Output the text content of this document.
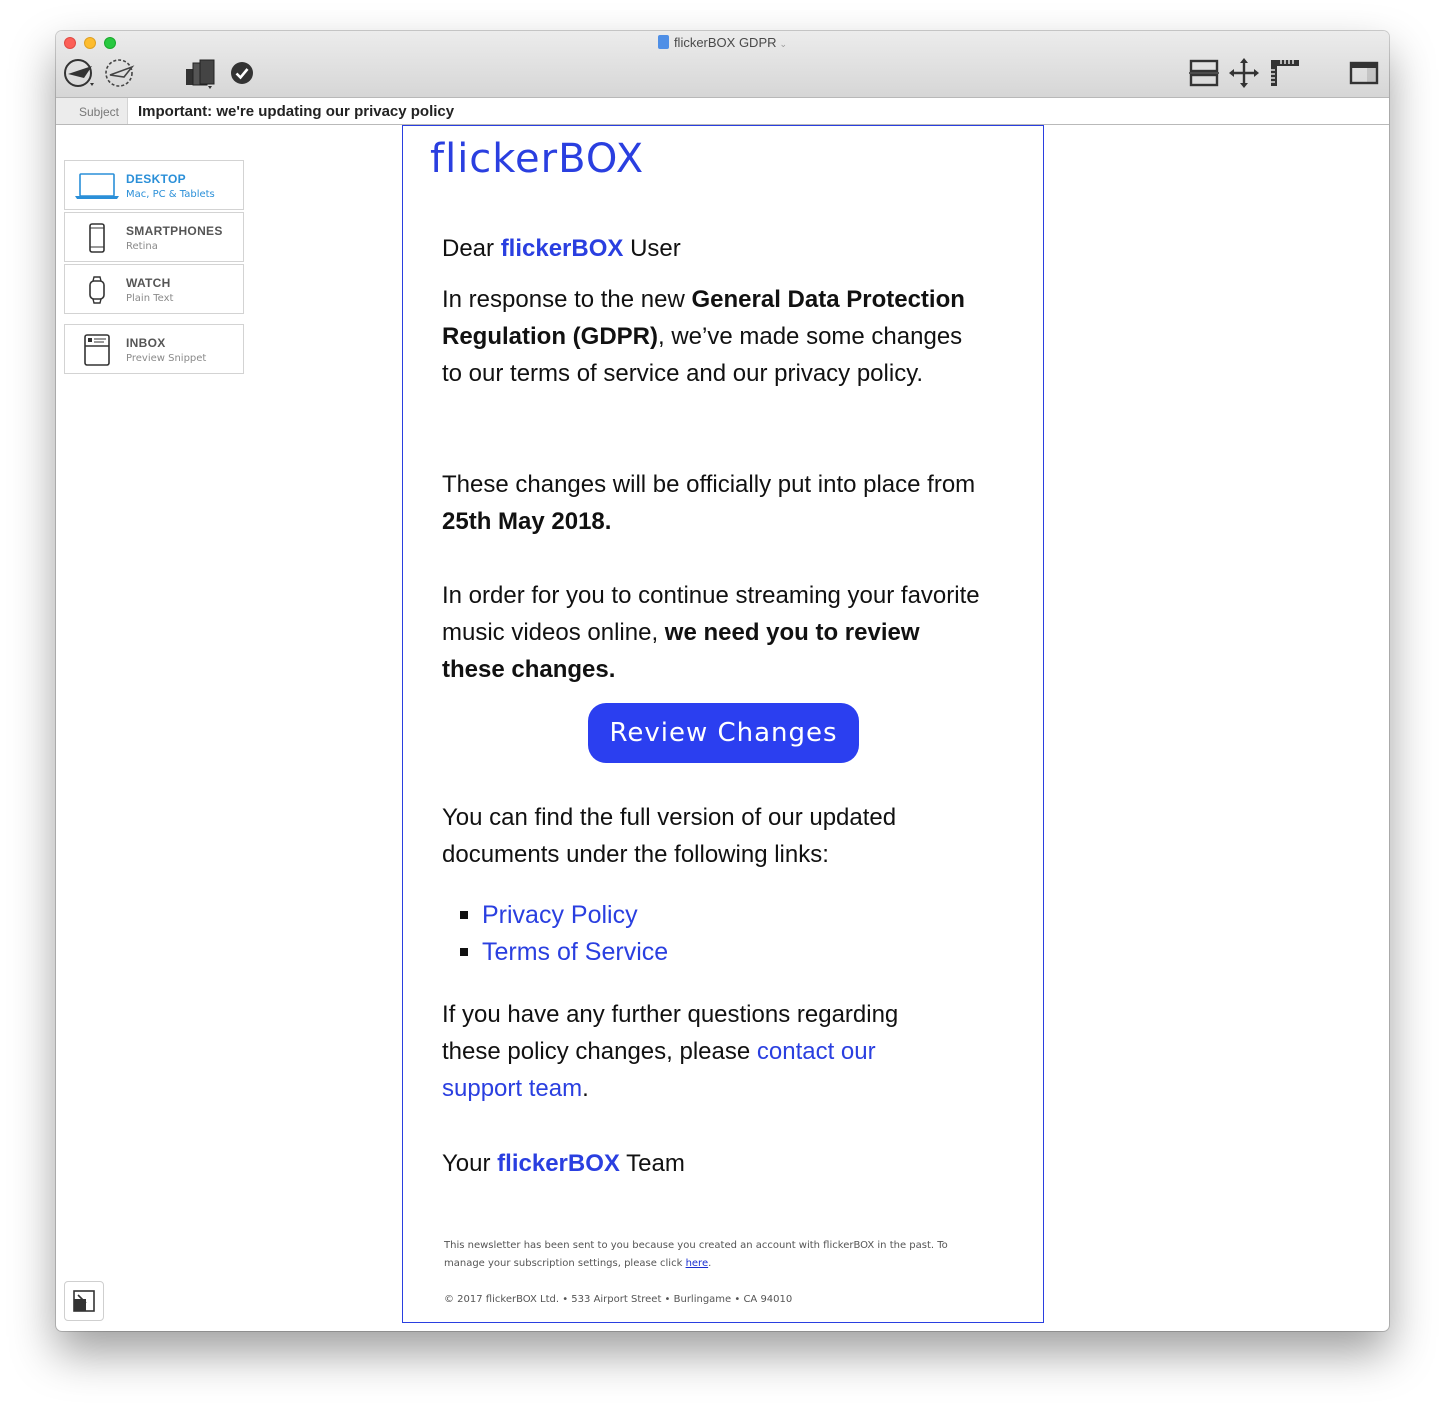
flickerBOX GDPR ⌄
Subject	Important: we're updating our privacy policy
DESKTOP
Mac, PC & Tablets
SMARTPHONES
Retina
WATCH
Plain Text
INBOX
Preview Snippet
flickerBOX
Dear flickerBOX User
In response to the new General Data Protection Regulation (GDPR), we’ve made some changes to our terms of service and our privacy policy.
These changes will be officially put into place from 25th May 2018.
In order for you to continue streaming your favorite music videos online, we need you to review these changes.
Review Changes
You can find the full version of our updated documents under the following links:
Privacy Policy
Terms of Service
If you have any further questions regarding these policy changes, please contact our support team.
Your flickerBOX Team
This newsletter has been sent to you because you created an account with flickerBOX in the past. To manage your subscription settings, please click here.
© 2017 flickerBOX Ltd. • 533 Airport Street • Burlingame • CA 94010
